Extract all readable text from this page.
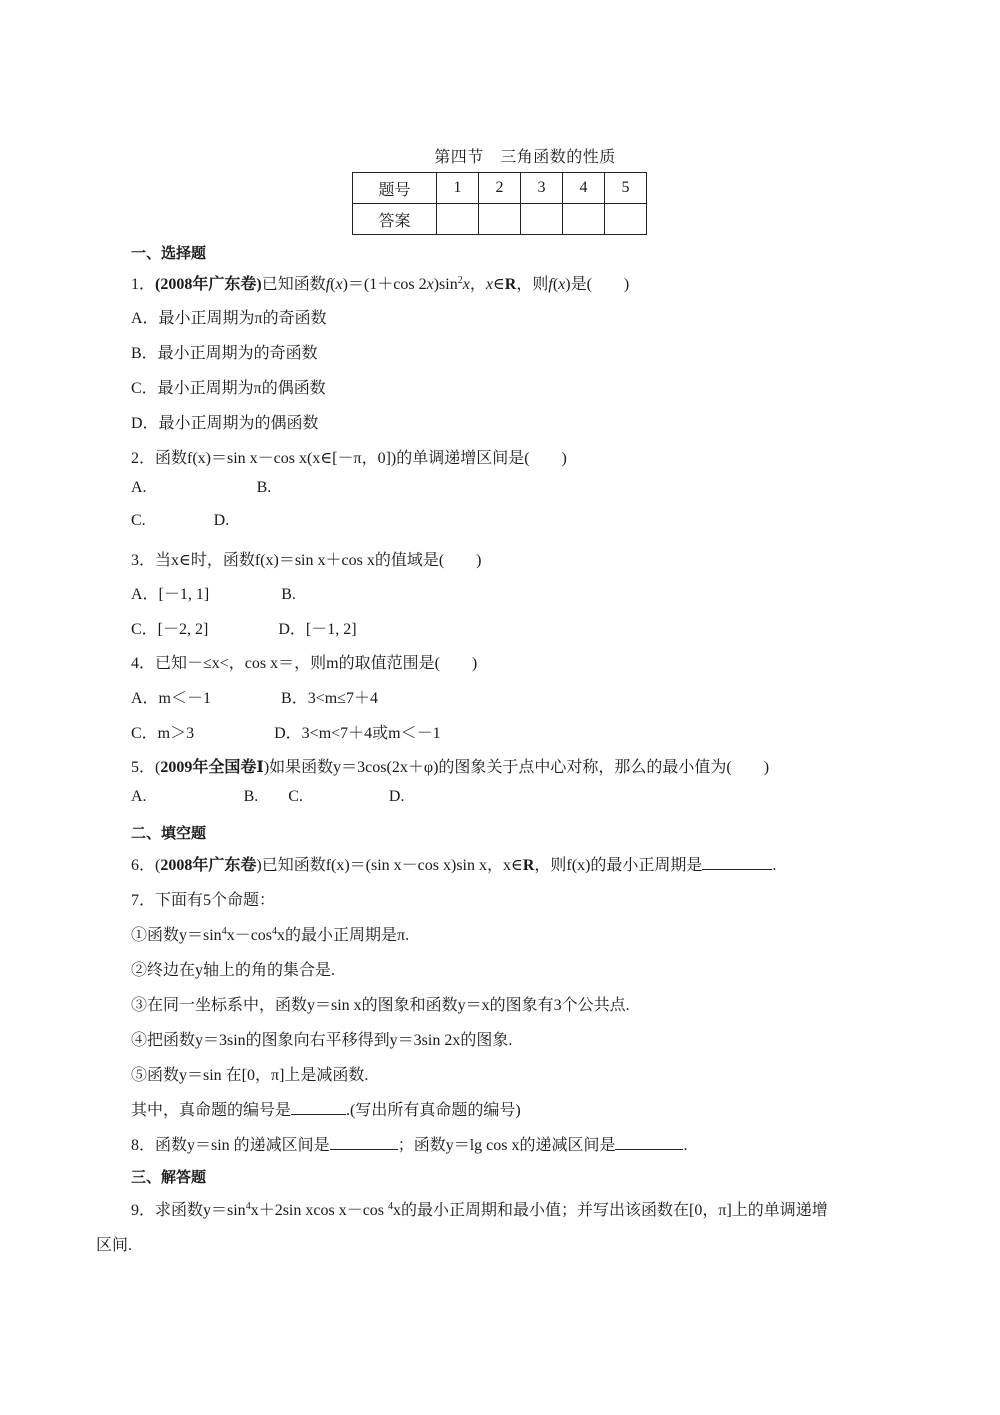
第四节　三角函数的性质
题号	1	2	3	4	5
答案					
一、选择题
1．(2008年广东卷)已知函数f(x)＝(1＋cos $2x)\sin^2x$，x∈R，则f(x)是(　　)
A．最小正周期为π的奇函数
B．最小正周期为的奇函数
C．最小正周期为π的偶函数
D．最小正周期为的偶函数
2．函数f(x)＝sin x－cos x(x∈[－π，0])的单调递增区间是(　　)
A.	B.
C.	D.
3．当x∈时，函数f(x)＝sin x＋cos x的值域是(　　)
A．[－1, 1]	B.
C．[－2, 2]	D．[－1, 2]
4．已知－≤x<，cos x＝，则m的取值范围是(　　)
A．m＜－1	B．3<m≤7＋4
C．m＞3	D．3<m<7＋4或m＜－1
5．(2009年全国卷Ⅰ)如果函数y＝3cos(2x＋φ)的图象关于点中心对称，那么的最小值为(　　)
A.	B. C.	D.
二、填空题
6．(2008年广东卷)已知函数f(x)＝(sin x－cos x)sin x，x∈R，则f(x)的最小正周期是	.
7．下面有5个命题：
①函数$y=\sin^4x-\cos^4x$的最小正周期是π.
②终边在y轴上的角的集合是.
③在同一坐标系中，函数y＝sin x的图象和函数y＝x的图象有3个公共点.
④把函数y＝3sin的图象向右平移得到y＝3sin 2x的图象.
⑤函数y＝sin 在[0，π]上是减函数.
其中，真命题的编号是	.(写出所有真命题的编号)
8．函数y＝sin 的递减区间是	；函数y＝lg cos x的递减区间是	.
三、解答题
9．求函数$y=\sin^4x+2\sin$ xcos x－cos $^4$x的最小正周期和最小值；并写出该函数在[0，π]上的单调递增
区间.
